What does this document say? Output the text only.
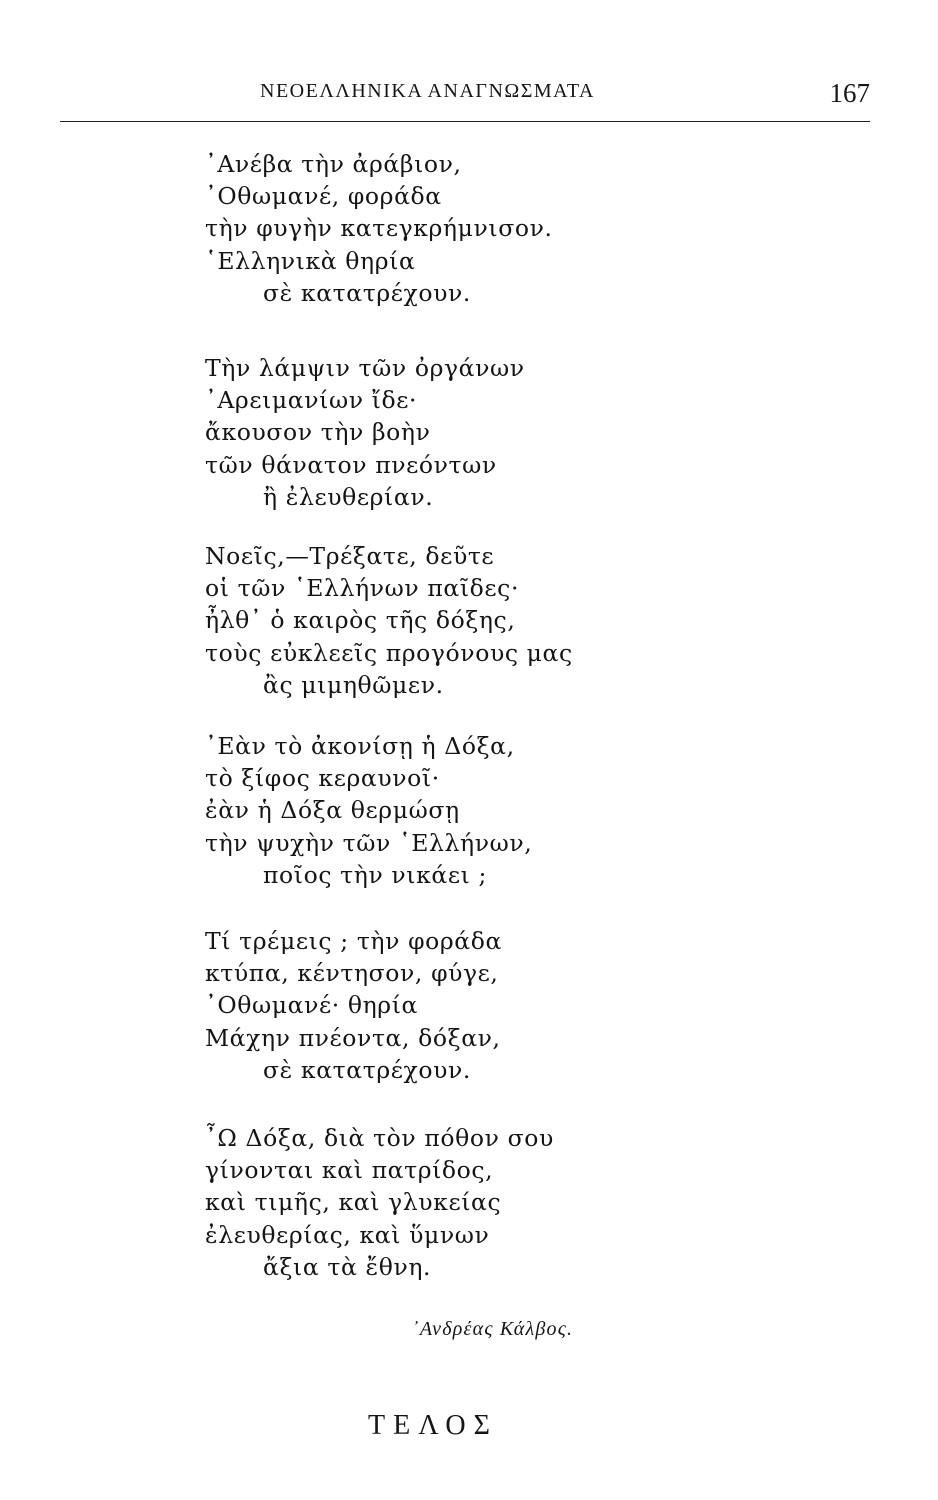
ΝΕΟΕΛΛΗΝΙΚΑ ΑΝΑΓΝΩΣΜΑΤΑ	167
᾿Ανέβα τὴν ἀράβιον,
᾿Οθωμανέ, φοράδα
τὴν φυγὴν κατεγκρήμνισον.
῾Ελληνικὰ θηρία
σὲ κατατρέχουν.
Τὴν λάμψιν τῶν ὀργάνων
᾿Αρειμανίων ἴδε·
ἄκουσον τὴν βοὴν
τῶν θάνατον πνεόντων
ἢ ἐλευθερίαν.
Νοεῖς,—Τρέξατε, δεῦτε
οἱ τῶν ῾Ελλήνων παῖδες·
ἦλθ᾿ ὁ καιρὸς τῆς δόξης,
τοὺς εὐκλεεῖς προγόνους μας
ἂς μιμηθῶμεν.
᾿Εὰν τὸ ἀκονίσῃ ἡ Δόξα,
τὸ ξίφος κεραυνοῖ·
ἐὰν ἡ Δόξα θερμώσῃ
τὴν ψυχὴν τῶν ῾Ελλήνων,
ποῖος τὴν νικάει ;
Τί τρέμεις ; τὴν φοράδα
κτύπα, κέντησον, φύγε,
᾿Οθωμανέ· θηρία
Μάχην πνέοντα, δόξαν,
σὲ κατατρέχουν.
῏Ω Δόξα, διὰ τὸν πόθον σου
γίνονται καὶ πατρίδος,
καὶ τιμῆς, καὶ γλυκείας
ἐλευθερίας, καὶ ὕμνων
ἄξια τὰ ἔθνη.
᾿Ανδρέας Κάλβος.
ΤΕΛΟΣ
